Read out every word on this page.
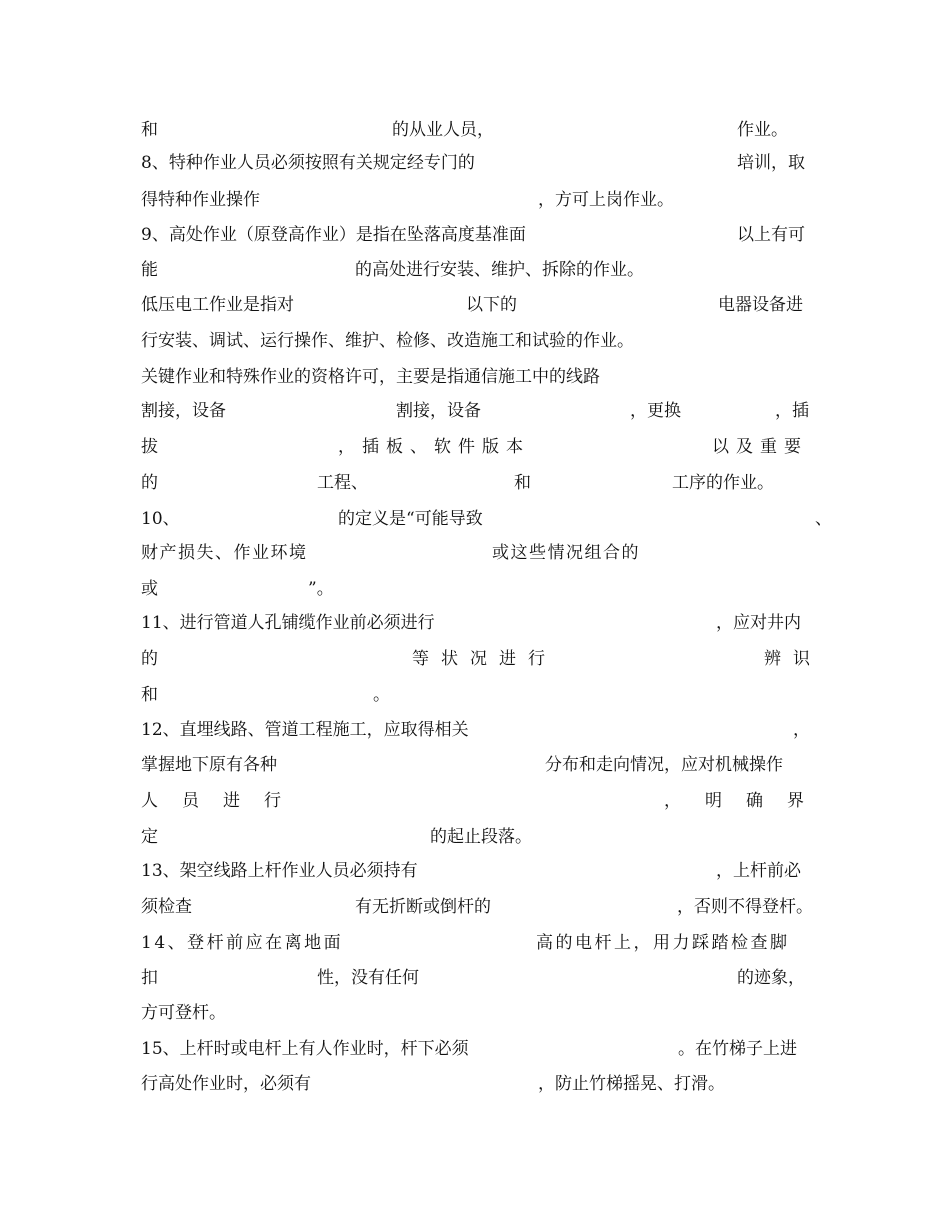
和	的从业人员，	作业。
8、特种作业人员必须按照有关规定经专门的	培训，取
得特种作业操作	，方可上岗作业。
9、高处作业（原登高作业）是指在坠落高度基准面	以上有可
能	的高处进行安装、维护、拆除的作业。
低压电工作业是指对	以下的	电器设备进
行安装、调试、运行操作、维护、检修、改造施工和试验的作业。
关键作业和特殊作业的资格许可，主要是指通信施工中的线路
割接，设备	割接，设备	，更换	，插
拔	，插板、软件版本	以及重要
的	工程、	和	工序的作业。
10、	的定义是“可能导致	、
财产损失、作业环境	或这些情况组合的
或	”。
11、进行管道人孔铺缆作业前必须进行	，应对井内
的	等状况进行	辨识
和	。
12、直埋线路、管道工程施工，应取得相关	，
掌握地下原有各种	分布和走向情况，应对机械操作
人员进行	，明确界
定	的起止段落。
13、架空线路上杆作业人员必须持有	，上杆前必
须检查	有无折断或倒杆的	，否则不得登杆。
14、登杆前应在离地面	高的电杆上，用力踩踏检查脚
扣	性，没有任何	的迹象，
方可登杆。
15、上杆时或电杆上有人作业时，杆下必须	。在竹梯子上进
行高处作业时，必须有	，防止竹梯摇晃、打滑。
